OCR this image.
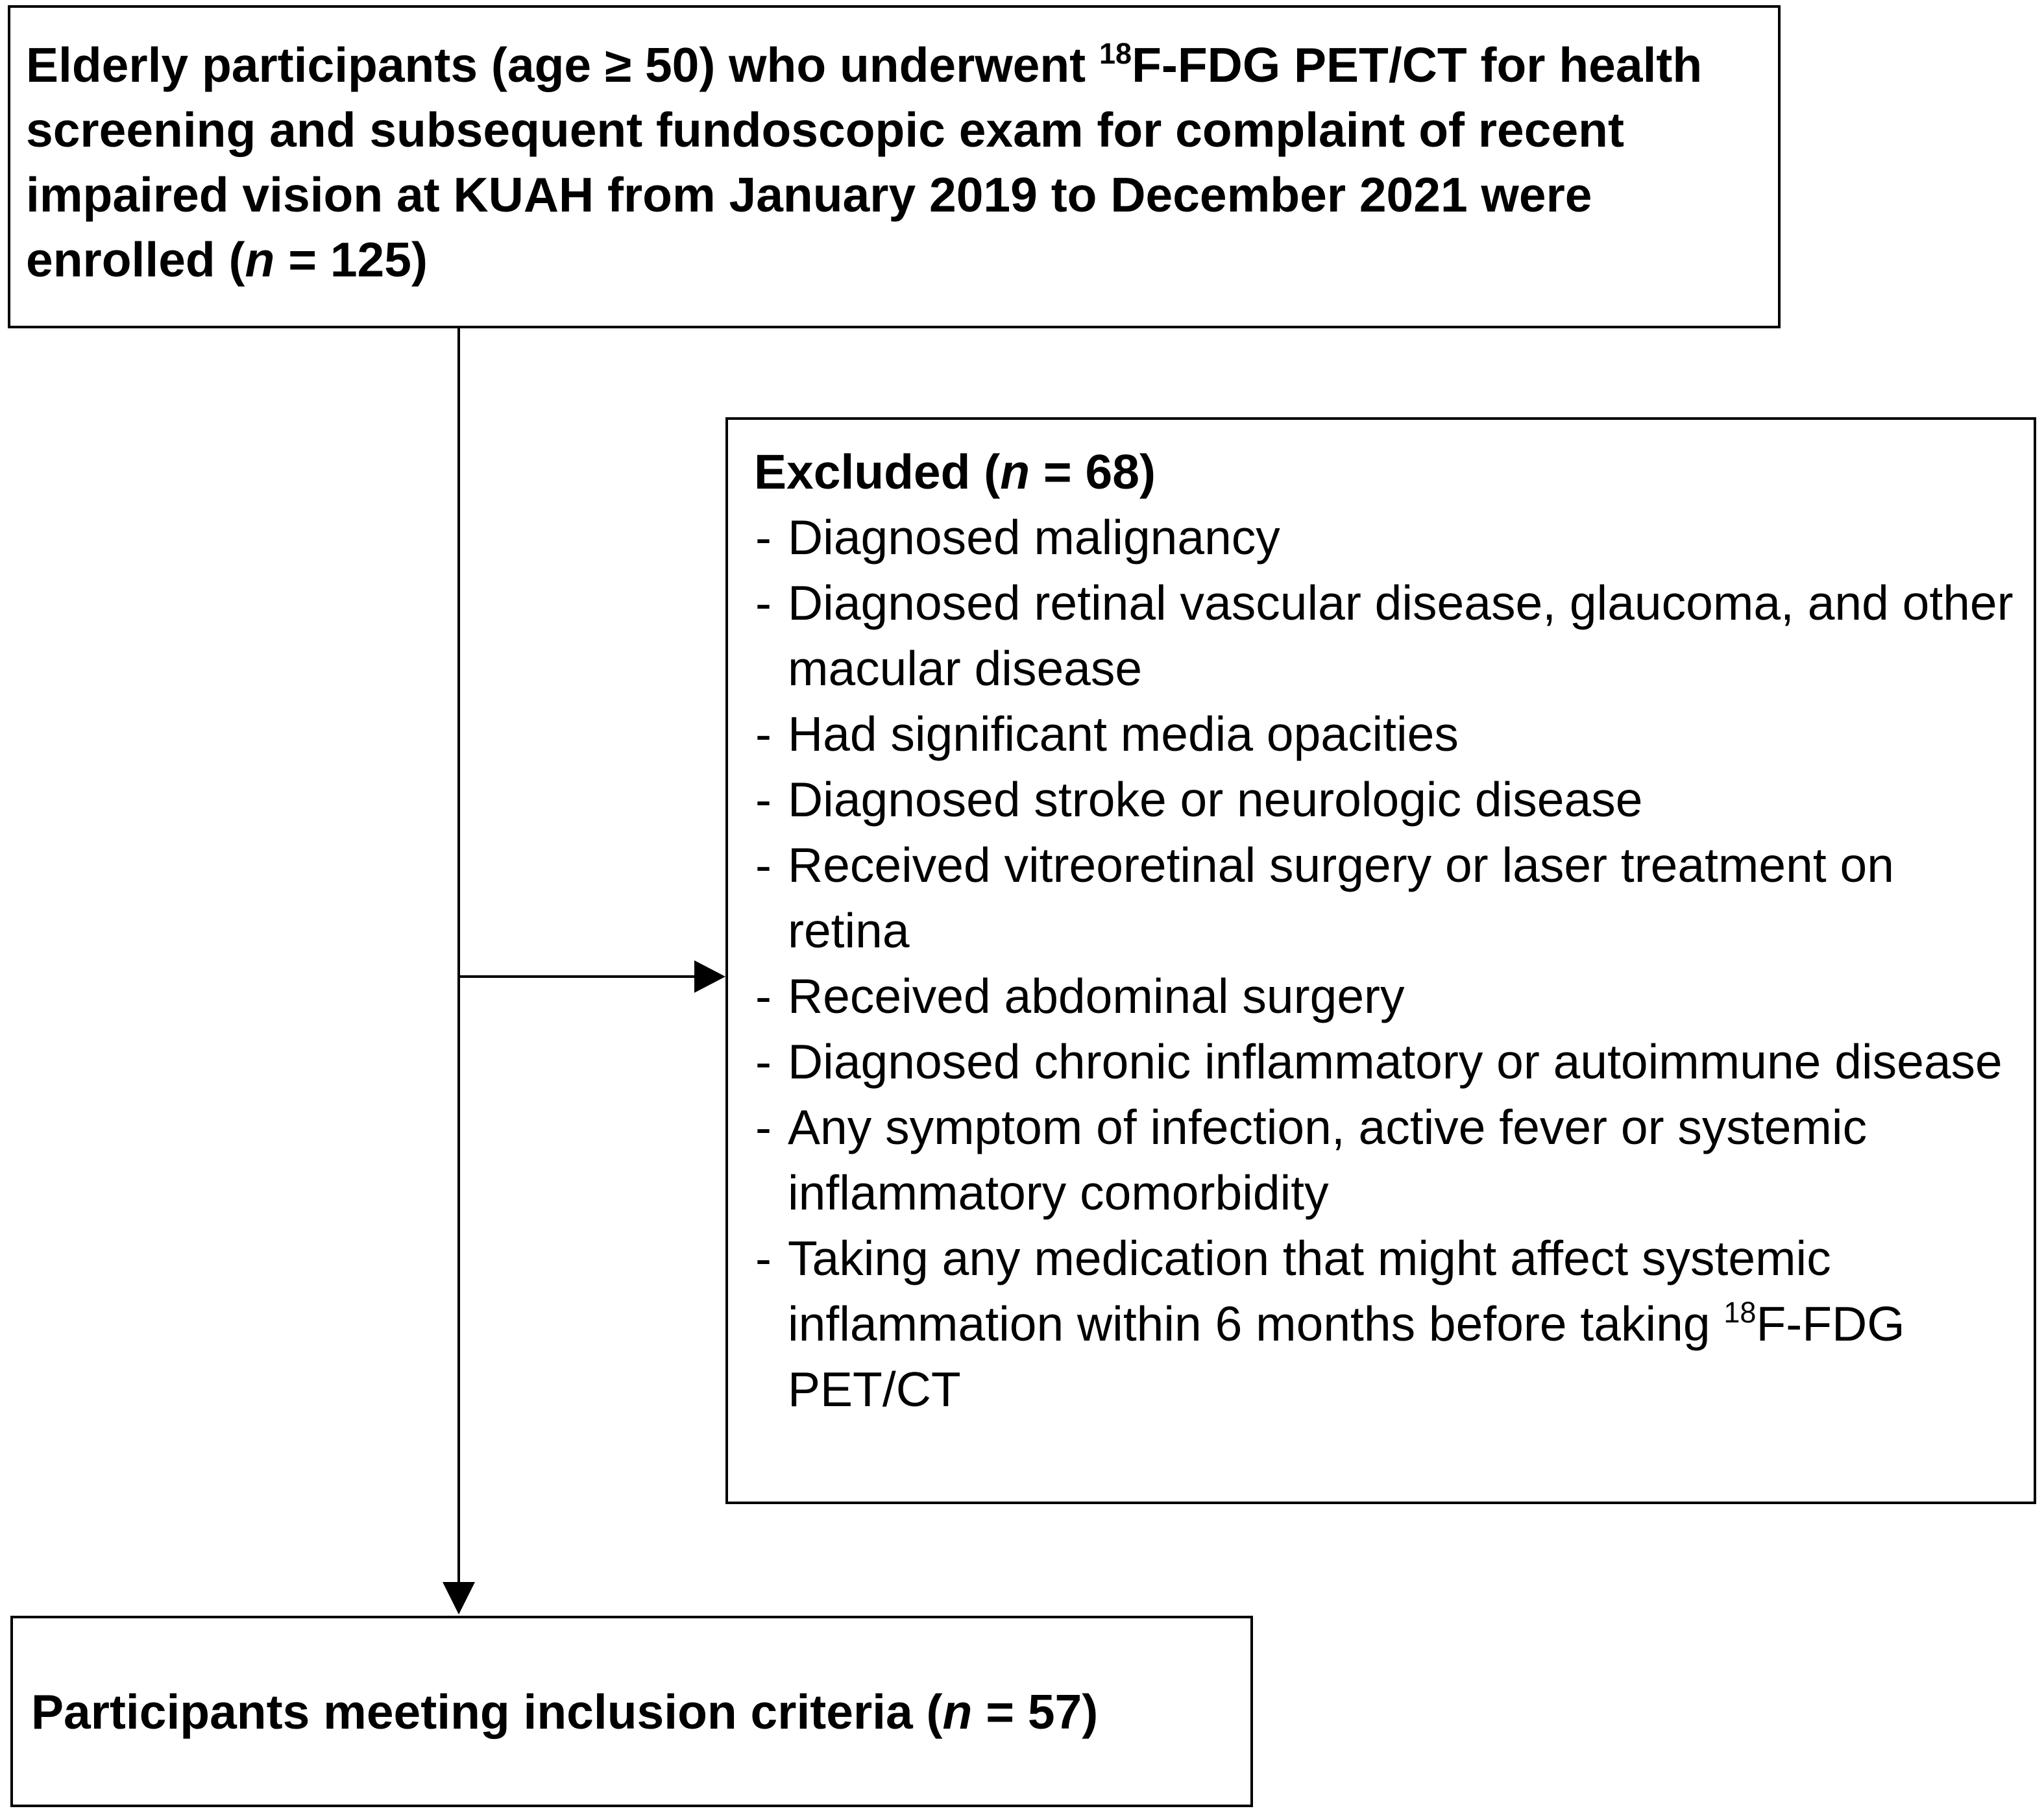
Elderly participants (age ≥ 50) who underwent $^{18}$F-FDG PET/CT for health screening and subsequent fundoscopic exam for complaint of recent impaired vision at KUAH from January 2019 to December 2021 were enrolled (n = 125)
Excluded (n = 68)
- Diagnosed malignancy
- Diagnosed retinal vascular disease, glaucoma, and other macular disease
- Had significant media opacities
- Diagnosed stroke or neurologic disease
- Received vitreoretinal surgery or laser treatment on retina
- Received abdominal surgery
- Diagnosed chronic inflammatory or autoimmune disease
- Any symptom of infection, active fever or systemic inflammatory comorbidity
- Taking any medication that might affect systemic inflammation within 6 months before taking $^{18}$F-FDG PET/CT
Participants meeting inclusion criteria (n = 57)
